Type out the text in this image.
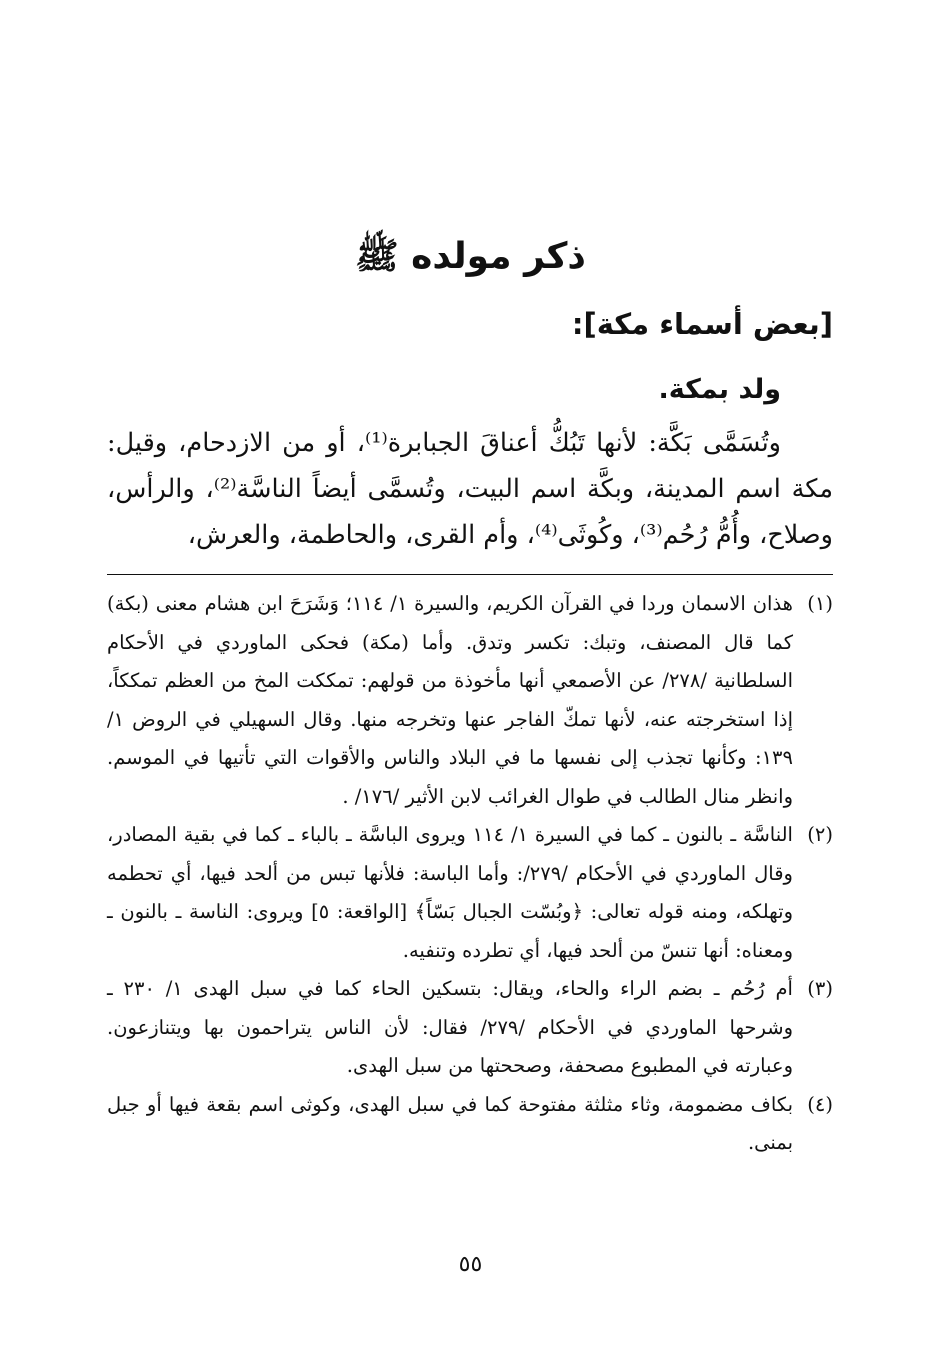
ذكر مولده ﷺ
[بعض أسماء مكة]:
ولد بمكة.

وتُسَمَّى بَكَّة: لأنها تَبُكُّ أعناقَ الجبابرة⁽¹⁾، أو من الازدحام، وقيل: مكة اسم المدينة، وبكَّة اسم البيت، وتُسمَّى أيضاً الناسَّة⁽²⁾، والرأس، وصلاح، وأُمُّ رُحُم⁽³⁾، وكُوثَى⁽⁴⁾، وأم القرى، والحاطمة، والعرش،

(١)
هذان الاسمان وردا في القرآن الكريم، والسيرة ١/ ١١٤؛ وَشَرَحَ ابن هشام معنى (بكة) كما قال المصنف، وتبك: تكسر وتدق. وأما (مكة) فحكى الماوردي في الأحكام السلطانية /٢٧٨/ عن الأصمعي أنها مأخوذة من قولهم: تمككت المخ من العظم تمككاً، إذا استخرجته عنه، لأنها تمكّ الفاجر عنها وتخرجه منها. وقال السهيلي في الروض ١/ ١٣٩: وكأنها تجذب إلى نفسها ما في البلاد والناس والأقوات التي تأتيها في الموسم. وانظر منال الطالب في طوال الغرائب لابن الأثير /١٧٦/ .
(٢)
الناسَّة ـ بالنون ـ كما في السيرة ١/ ١١٤ ويروى الباسَّة ـ بالباء ـ كما في بقية المصادر، وقال الماوردي في الأحكام /٢٧٩/: وأما الباسة: فلأنها تبس من ألحد فيها، أي تحطمه وتهلكه، ومنه قوله تعالى: ﴿وبُسّت الجبال بَسّاً﴾ [الواقعة: ٥] ويروى: الناسة ـ بالنون ـ ومعناه: أنها تنسّ من ألحد فيها، أي تطرده وتنفيه.
(٣)
أم رُحُم ـ بضم الراء والحاء، ويقال: بتسكين الحاء كما في سبل الهدى ١/ ٢٣٠ ـ وشرحها الماوردي في الأحكام /٢٧٩/ فقال: لأن الناس يتراحمون بها ويتنازعون. وعبارته في المطبوع مصحفة، وصححتها من سبل الهدى.
(٤)
بكاف مضمومة، وثاء مثلثة مفتوحة كما في سبل الهدى، وكوثى اسم بقعة فيها أو جبل بمنى.
٥٥
